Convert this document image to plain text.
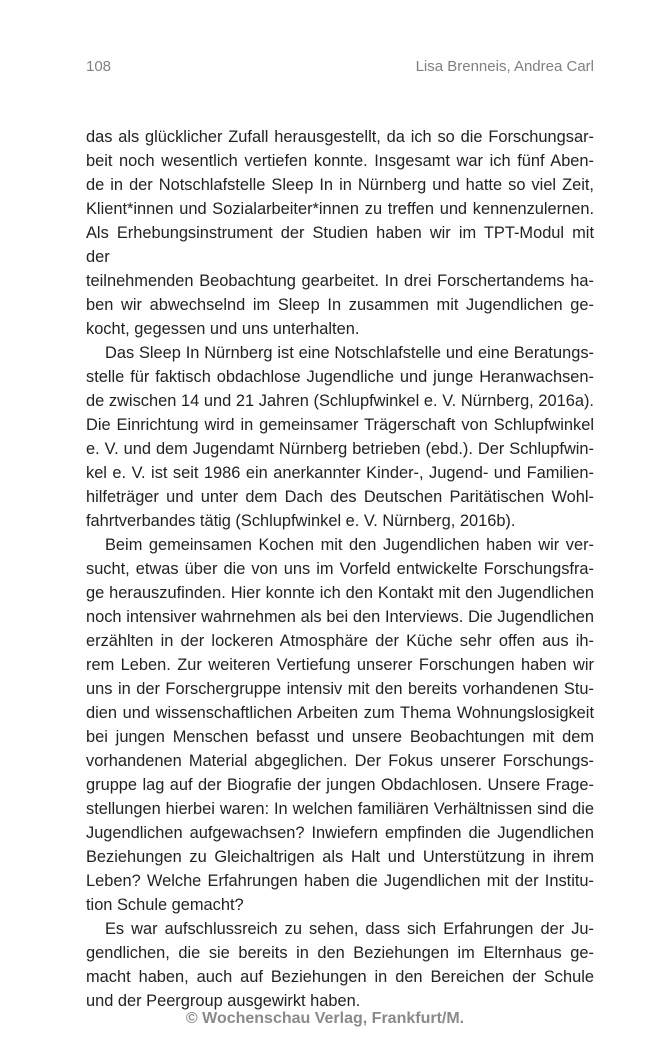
108	Lisa Brenneis, Andrea Carl
das als glücklicher Zufall herausgestellt, da ich so die Forschungsar-
beit noch wesentlich vertiefen konnte. Insgesamt war ich fünf Aben-
de in der Notschlafstelle Sleep In in Nürnberg und hatte so viel Zeit,
Klient*innen und Sozialarbeiter*innen zu treffen und kennenzulernen.
Als Erhebungsinstrument der Studien haben wir im TPT-Modul mit der
teilnehmenden Beobachtung gearbeitet. In drei Forschertandems ha-
ben wir abwechselnd im Sleep In zusammen mit Jugendlichen ge-
kocht, gegessen und uns unterhalten.
Das Sleep In Nürnberg ist eine Notschlafstelle und eine Beratungs-
stelle für faktisch obdachlose Jugendliche und junge Heranwachsen-
de zwischen 14 und 21 Jahren (Schlupfwinkel e. V. Nürnberg, 2016a).
Die Einrichtung wird in gemeinsamer Trägerschaft von Schlupfwinkel
e. V. und dem Jugendamt Nürnberg betrieben (ebd.). Der Schlupfwin-
kel e. V. ist seit 1986 ein anerkannter Kinder-, Jugend- und Familien-
hilfeträger und unter dem Dach des Deutschen Paritätischen Wohl-
fahrtverbandes tätig (Schlupfwinkel e. V. Nürnberg, 2016b).
Beim gemeinsamen Kochen mit den Jugendlichen haben wir ver-
sucht, etwas über die von uns im Vorfeld entwickelte Forschungsfra-
ge herauszufinden. Hier konnte ich den Kontakt mit den Jugendlichen
noch intensiver wahrnehmen als bei den Interviews. Die Jugendlichen
erzählten in der lockeren Atmosphäre der Küche sehr offen aus ih-
rem Leben. Zur weiteren Vertiefung unserer Forschungen haben wir
uns in der Forschergruppe intensiv mit den bereits vorhandenen Stu-
dien und wissenschaftlichen Arbeiten zum Thema Wohnungslosigkeit
bei jungen Menschen befasst und unsere Beobachtungen mit dem
vorhandenen Material abgeglichen. Der Fokus unserer Forschungs-
gruppe lag auf der Biografie der jungen Obdachlosen. Unsere Frage-
stellungen hierbei waren: In welchen familiären Verhältnissen sind die
Jugendlichen aufgewachsen? Inwiefern empfinden die Jugendlichen
Beziehungen zu Gleichaltrigen als Halt und Unterstützung in ihrem
Leben? Welche Erfahrungen haben die Jugendlichen mit der Institu-
tion Schule gemacht?
Es war aufschlussreich zu sehen, dass sich Erfahrungen der Ju-
gendlichen, die sie bereits in den Beziehungen im Elternhaus ge-
macht haben, auch auf Beziehungen in den Bereichen der Schule
und der Peergroup ausgewirkt haben.
© Wochenschau Verlag, Frankfurt/M.
